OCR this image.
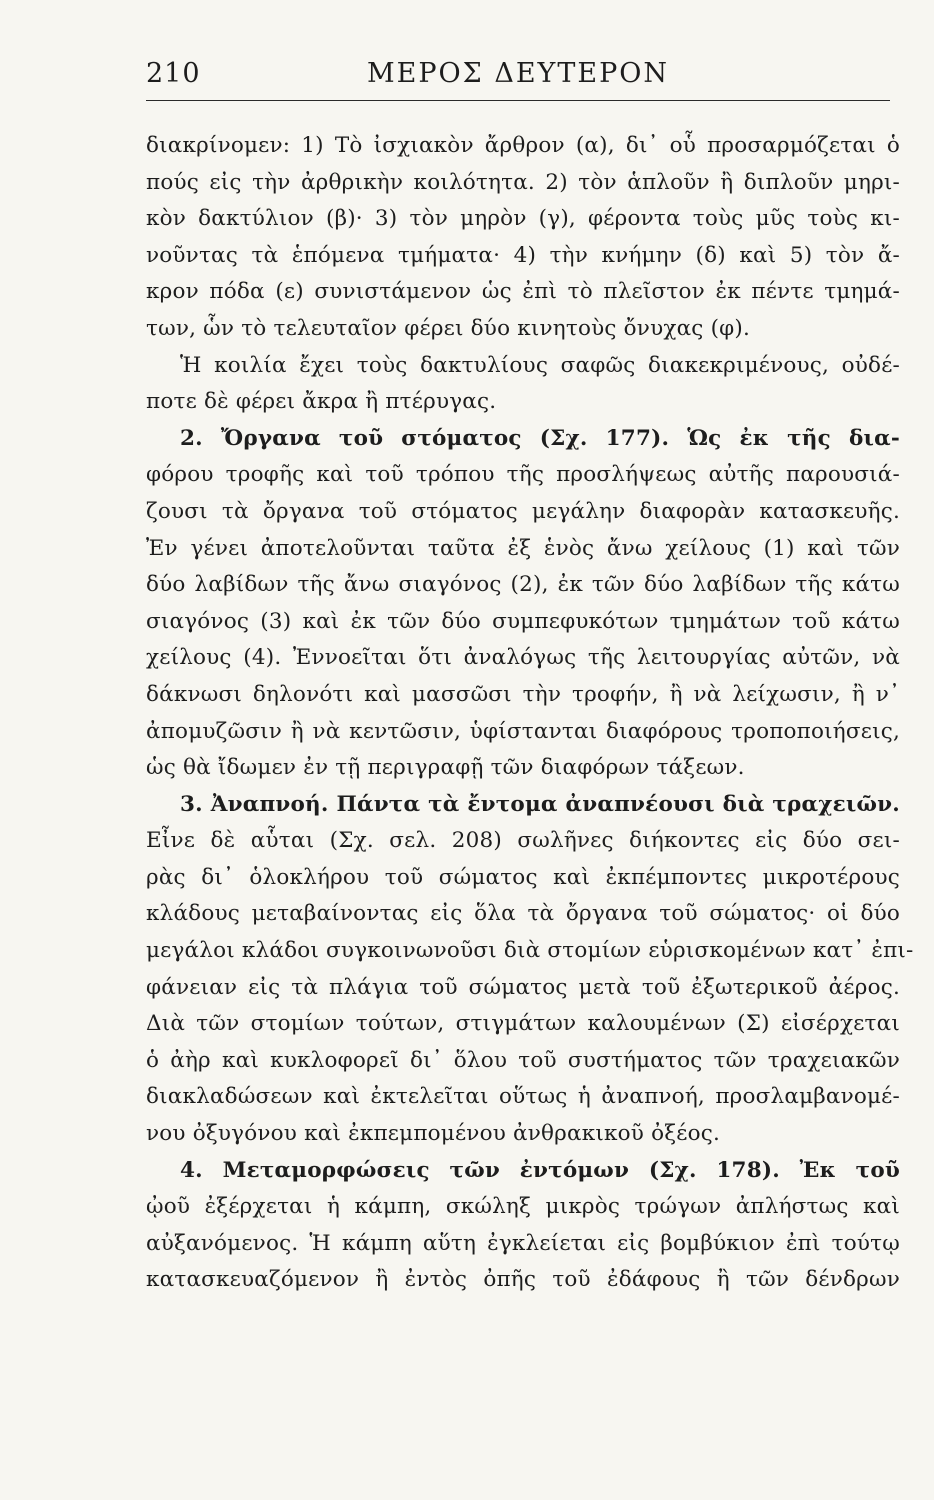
210	ΜΕΡΟΣ ΔΕΥΤΕΡΟΝ
διακρίνομεν: 1) Τὸ ἰσχιακὸν ἄρθρον (α), δι᾽ οὗ προσαρμόζεται ὁ
πούς εἰς τὴν ἀρθρικὴν κοιλότητα. 2) τὸν ἁπλοῦν ἢ διπλοῦν μηρι-
κὸν δακτύλιον (β)· 3) τὸν μηρὸν (γ), φέροντα τοὺς μῦς τοὺς κι-
νοῦντας τὰ ἑπόμενα τμήματα· 4) τὴν κνήμην (δ) καὶ 5) τὸν ἄ-
κρον πόδα (ε) συνιστάμενον ὡς ἐπὶ τὸ πλεῖστον ἐκ πέντε τμημά-
των, ὧν τὸ τελευταῖον φέρει δύο κινητοὺς ὄνυχας (φ).
Ἡ κοιλία ἔχει τοὺς δακτυλίους σαφῶς διακεκριμένους, οὐδέ-
ποτε δὲ φέρει ἄκρα ἢ πτέρυγας.
2. Ὄργανα τοῦ στόματος (Σχ. 177). Ὡς ἐκ τῆς δια-
φόρου τροφῆς καὶ τοῦ τρόπου τῆς προσλήψεως αὐτῆς παρουσιά-
ζουσι τὰ ὄργανα τοῦ στόματος μεγάλην διαφορὰν κατασκευῆς.
Ἐν γένει ἀποτελοῦνται ταῦτα ἐξ ἑνὸς ἄνω χείλους (1) καὶ τῶν
δύο λαβίδων τῆς ἄνω σιαγόνος (2), ἐκ τῶν δύο λαβίδων τῆς κάτω
σιαγόνος (3) καὶ ἐκ τῶν δύο συμπεφυκότων τμημάτων τοῦ κάτω
χείλους (4). Ἐννοεῖται ὅτι ἀναλόγως τῆς λειτουργίας αὐτῶν, νὰ
δάκνωσι δηλονότι καὶ μασσῶσι τὴν τροφήν, ἢ νὰ λείχωσιν, ἢ ν᾽
ἀπομυζῶσιν ἢ νὰ κεντῶσιν, ὑφίστανται διαφόρους τροποποιήσεις,
ὡς θὰ ἴδωμεν ἐν τῇ περιγραφῇ τῶν διαφόρων τάξεων.
3. Ἀναπνοή. Πάντα τὰ ἔντομα ἀναπνέουσι διὰ τραχειῶν.
Εἶνε δὲ αὗται (Σχ. σελ. 208) σωλῆνες διήκοντες εἰς δύο σει-
ρὰς δι᾽ ὁλοκλήρου τοῦ σώματος καὶ ἐκπέμποντες μικροτέρους
κλάδους μεταβαίνοντας εἰς ὅλα τὰ ὄργανα τοῦ σώματος· οἱ δύο
μεγάλοι κλάδοι συγκοινωνοῦσι διὰ στομίων εὑρισκομένων κατ᾽ ἐπι-
φάνειαν εἰς τὰ πλάγια τοῦ σώματος μετὰ τοῦ ἐξωτερικοῦ ἀέρος.
Διὰ τῶν στομίων τούτων, στιγμάτων καλουμένων (Σ) εἰσέρχεται
ὁ ἀὴρ καὶ κυκλοφορεῖ δι᾽ ὅλου τοῦ συστήματος τῶν τραχειακῶν
διακλαδώσεων καὶ ἐκτελεῖται οὕτως ἡ ἀναπνοή, προσλαμβανομέ-
νου ὀξυγόνου καὶ ἐκπεμπομένου ἀνθρακικοῦ ὀξέος.
4. Μεταμορφώσεις τῶν ἐντόμων (Σχ. 178). Ἐκ τοῦ
ᾠοῦ ἐξέρχεται ἡ κάμπη, σκώληξ μικρὸς τρώγων ἀπλήστως καὶ
αὐξανόμενος. Ἡ κάμπη αὕτη ἐγκλείεται εἰς βομβύκιον ἐπὶ τούτῳ
κατασκευαζόμενον ἢ ἐντὸς ὀπῆς τοῦ ἐδάφους ἢ τῶν δένδρων
